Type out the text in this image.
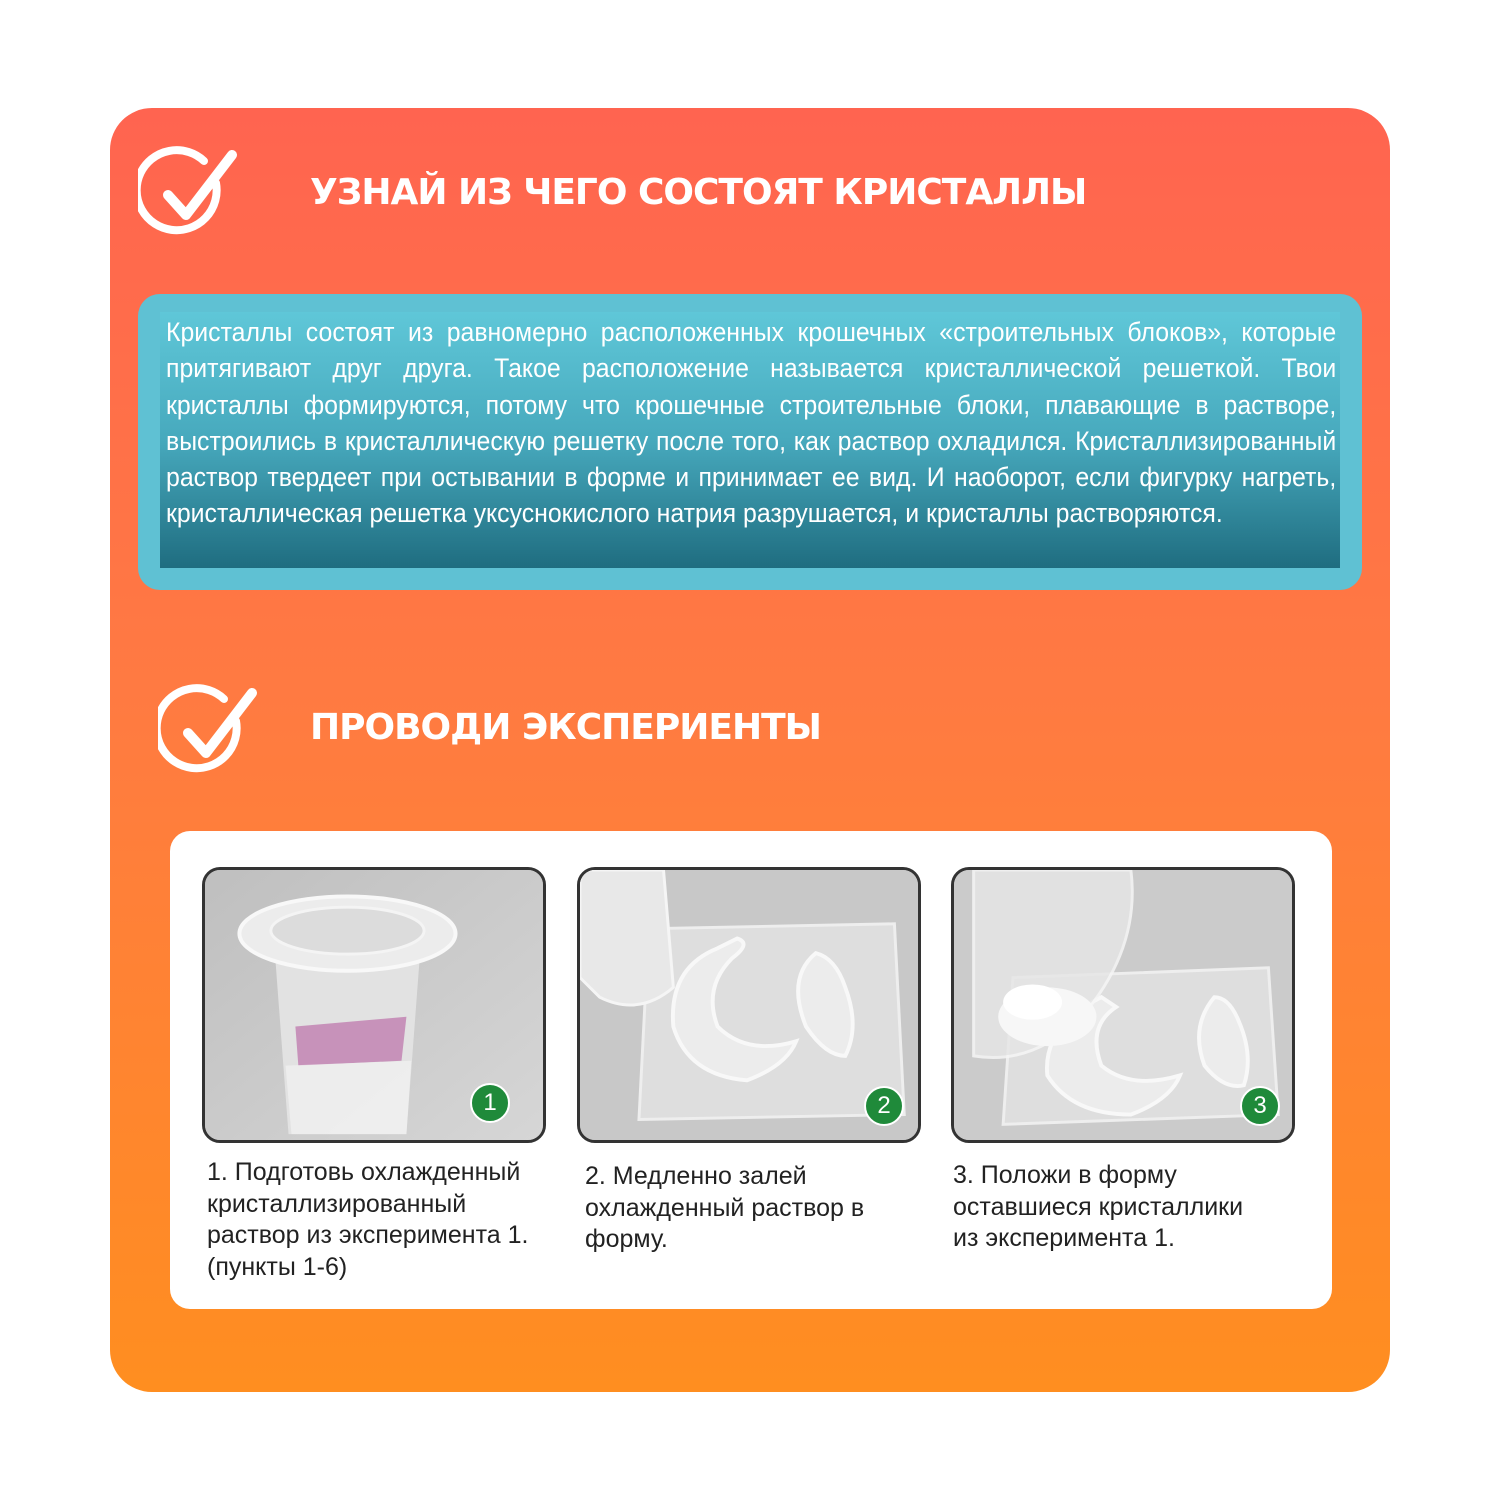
УЗНАЙ ИЗ ЧЕГО СОСТОЯТ КРИСТАЛЛЫ
Кристаллы состоят из равномерно расположенных крошечных «строительных блоков», которые притягивают друг друга. Такое расположение называется кристаллической решеткой. Твои кристаллы формируются, потому что крошечные строительные блоки, плавающие в растворе, выстроились в кристаллическую решетку после того, как раствор охладился. Кристаллизированный раствор твердеет при остывании в форме и принимает ее вид. И наоборот, если фигурку нагреть, кристаллическая решетка уксуснокислого натрия разрушается, и кристаллы растворяются.
ПРОВОДИ ЭКСПЕРИЕНТЫ
1	2	3
1. Подготовь охлажденный кристаллизированный раствор из эксперимента 1. (пункты 1-6)
2. Медленно залей охлажденный раствор в форму.
3. Положи в форму оставшиеся кристаллики из эксперимента 1.
